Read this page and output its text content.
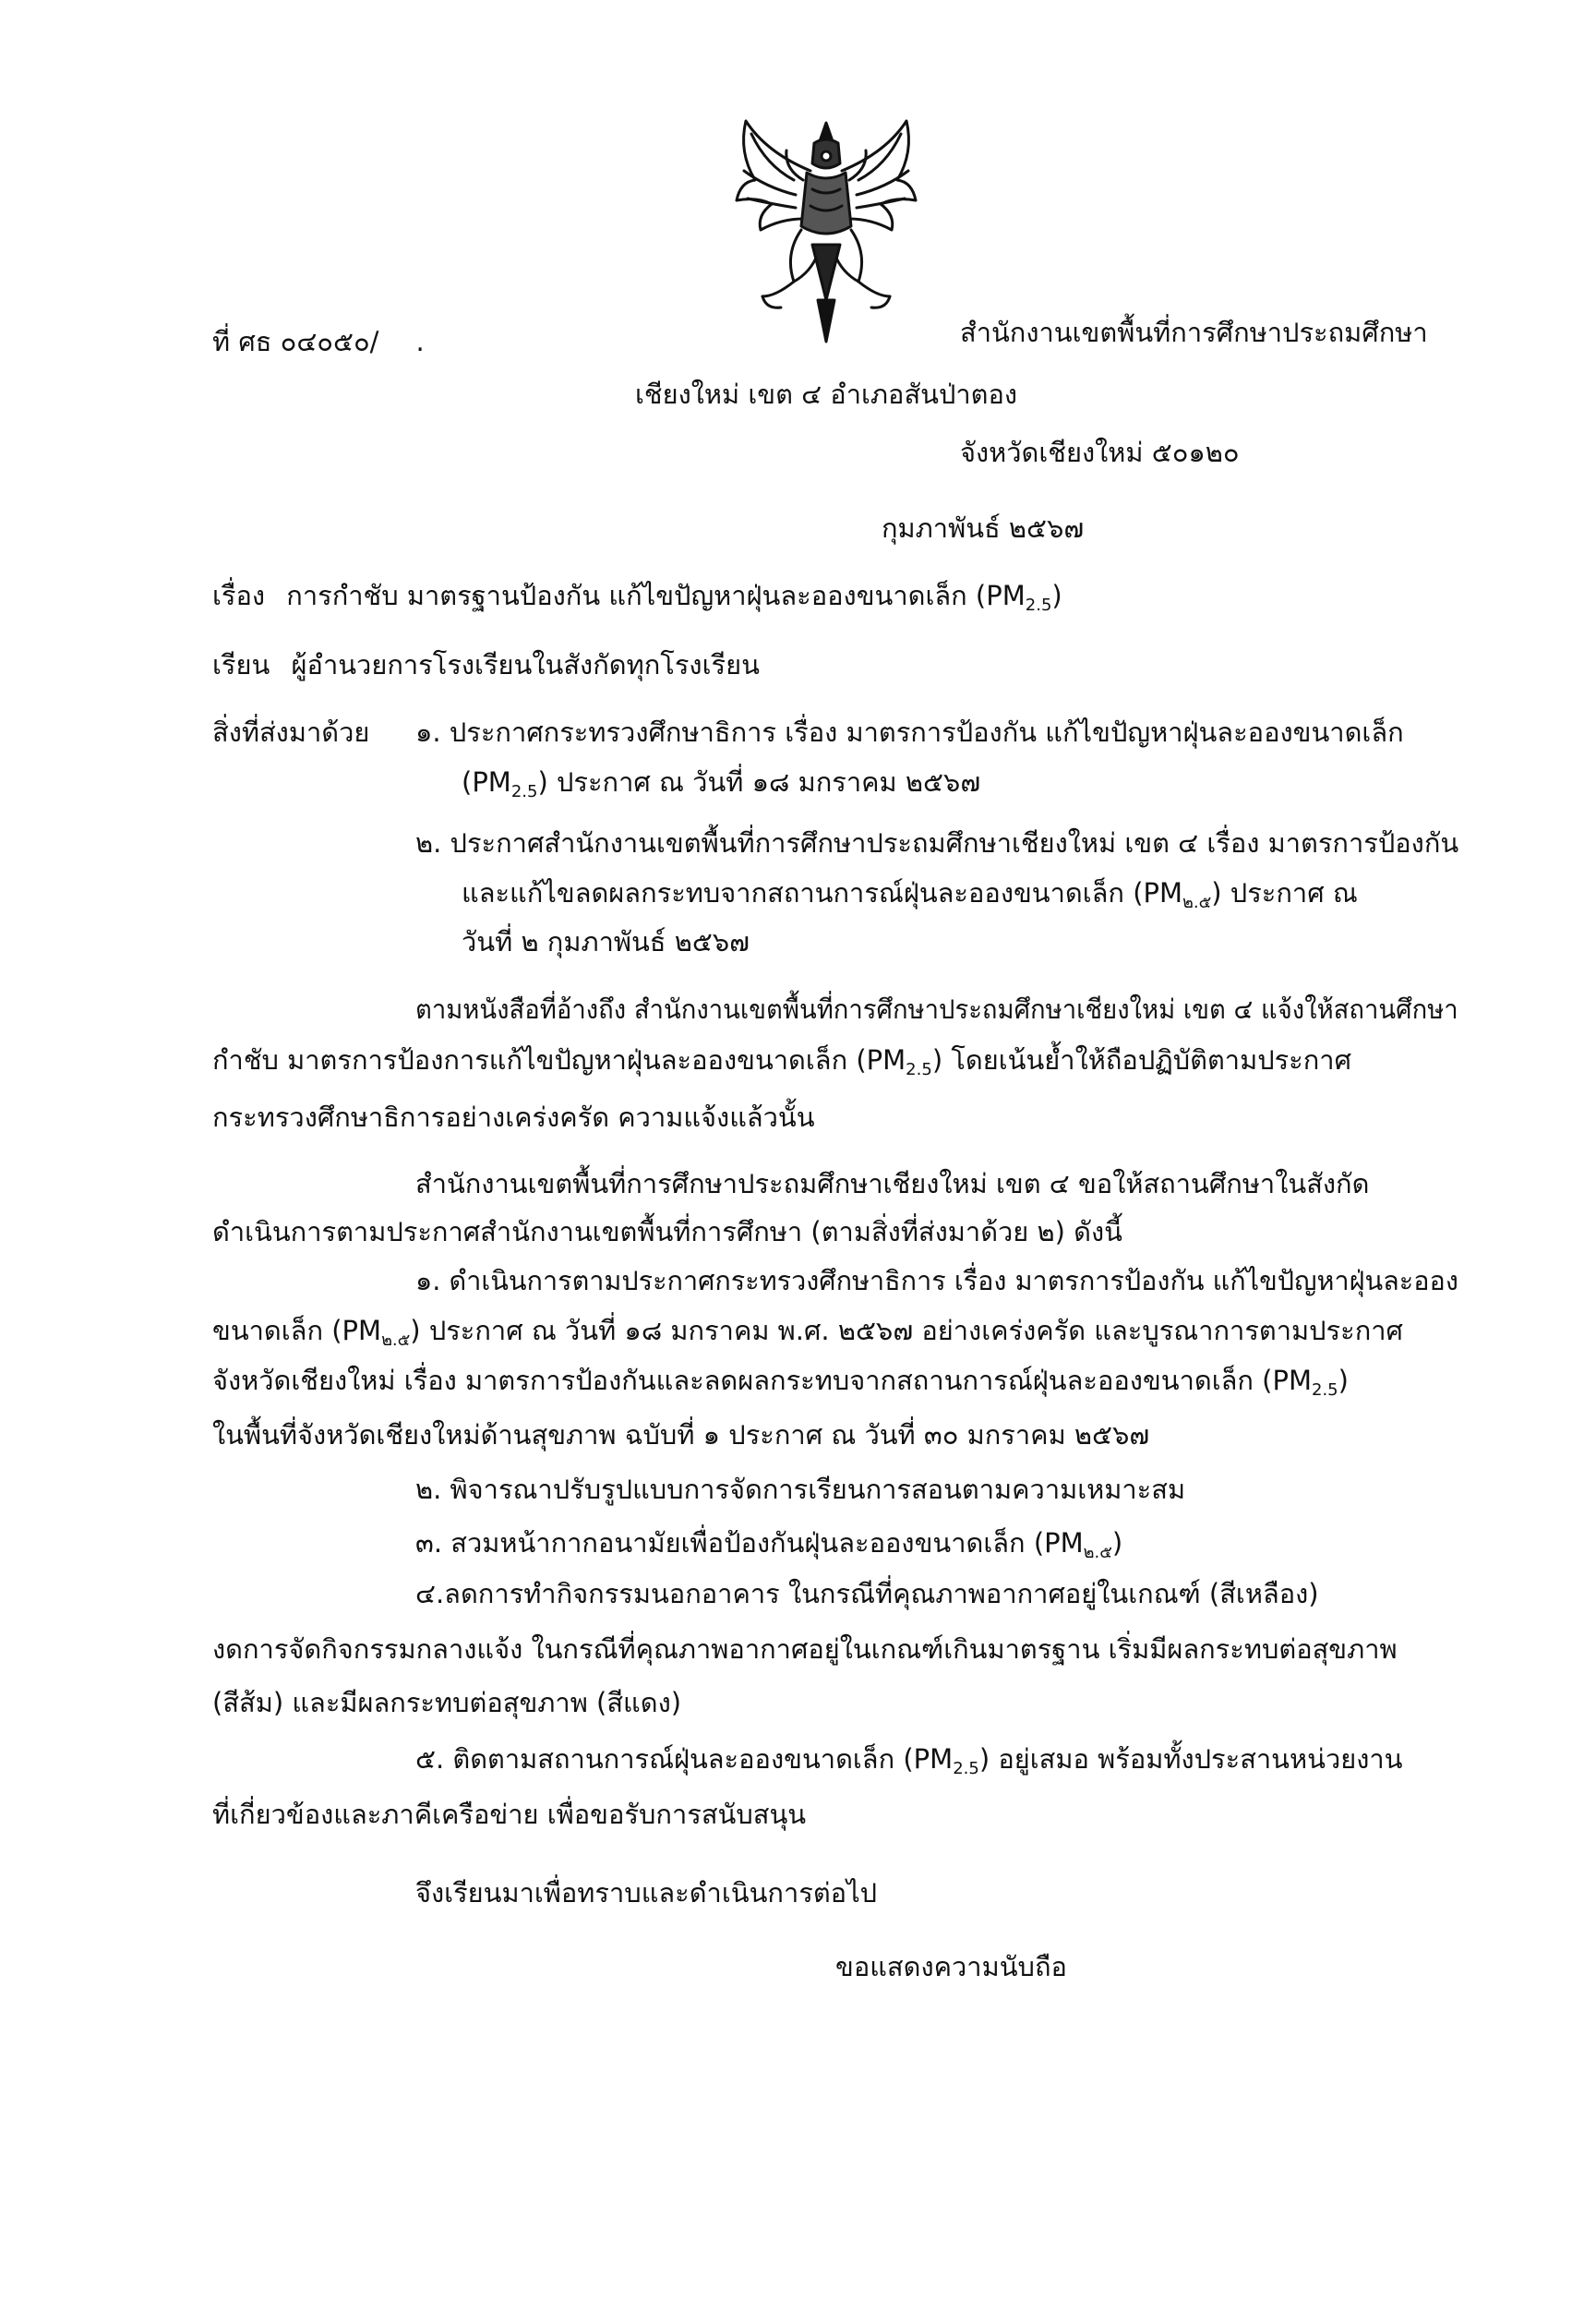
ที่ ศธ ๐๔๐๕๐/ .	สำนักงานเขตพื้นที่การศึกษาประถมศึกษา
เชียงใหม่ เขต ๔ อำเภอสันป่าตอง
จังหวัดเชียงใหม่ ๕๐๑๒๐
กุมภาพันธ์ ๒๕๖๗
เรื่อง การกำชับ มาตรฐานป้องกัน แก้ไขปัญหาฝุ่นละอองขนาดเล็ก $(PM_{2.5})$
เรียน ผู้อำนวยการโรงเรียนในสังกัดทุกโรงเรียน
สิ่งที่ส่งมาด้วย ๑. ประกาศกระทรวงศึกษาธิการ เรื่อง มาตรการป้องกัน แก้ไขปัญหาฝุ่นละอองขนาดเล็ก
$(PM_{2.5})$ ประกาศ ณ วันที่ ๑๘ มกราคม ๒๕๖๗
๒. ประกาศสำนักงานเขตพื้นที่การศึกษาประถมศึกษาเชียงใหม่ เขต ๔ เรื่อง มาตรการป้องกัน
และแก้ไขลดผลกระทบจากสถานการณ์ฝุ่นละอองขนาดเล็ก $(PM_{๒.๕})$ ประกาศ ณ
วันที่ ๒ กุมภาพันธ์ ๒๕๖๗
ตามหนังสือที่อ้างถึง สำนักงานเขตพื้นที่การศึกษาประถมศึกษาเชียงใหม่ เขต ๔ แจ้งให้สถานศึกษา
กำชับ มาตรการป้องการแก้ไขปัญหาฝุ่นละอองขนาดเล็ก $(PM_{2.5})$ โดยเน้นย้ำให้ถือปฏิบัติตามประกาศ
กระทรวงศึกษาธิการอย่างเคร่งครัด ความแจ้งแล้วนั้น
สำนักงานเขตพื้นที่การศึกษาประถมศึกษาเชียงใหม่ เขต ๔ ขอให้สถานศึกษาในสังกัด
ดำเนินการตามประกาศสำนักงานเขตพื้นที่การศึกษา (ตามสิ่งที่ส่งมาด้วย ๒) ดังนี้
๑. ดำเนินการตามประกาศกระทรวงศึกษาธิการ เรื่อง มาตรการป้องกัน แก้ไขปัญหาฝุ่นละออง
ขนาดเล็ก $(PM_{๒.๕})$ ประกาศ ณ วันที่ ๑๘ มกราคม พ.ศ. ๒๕๖๗ อย่างเคร่งครัด และบูรณาการตามประกาศ
จังหวัดเชียงใหม่ เรื่อง มาตรการป้องกันและลดผลกระทบจากสถานการณ์ฝุ่นละอองขนาดเล็ก $(PM_{2.5})$
ในพื้นที่จังหวัดเชียงใหม่ด้านสุขภาพ ฉบับที่ ๑ ประกาศ ณ วันที่ ๓๐ มกราคม ๒๕๖๗
๒. พิจารณาปรับรูปแบบการจัดการเรียนการสอนตามความเหมาะสม
๓. สวมหน้ากากอนามัยเพื่อป้องกันฝุ่นละอองขนาดเล็ก $(PM_{๒.๕})$
๔.ลดการทำกิจกรรมนอกอาคาร ในกรณีที่คุณภาพอากาศอยู่ในเกณฑ์ (สีเหลือง)
งดการจัดกิจกรรมกลางแจ้ง ในกรณีที่คุณภาพอากาศอยู่ในเกณฑ์เกินมาตรฐาน เริ่มมีผลกระทบต่อสุขภาพ
(สีส้ม) และมีผลกระทบต่อสุขภาพ (สีแดง)
๕. ติดตามสถานการณ์ฝุ่นละอองขนาดเล็ก $(PM_{2.5})$ อยู่เสมอ พร้อมทั้งประสานหน่วยงาน
ที่เกี่ยวข้องและภาคีเครือข่าย เพื่อขอรับการสนับสนุน
จึงเรียนมาเพื่อทราบและดำเนินการต่อไป
ขอแสดงความนับถือ
